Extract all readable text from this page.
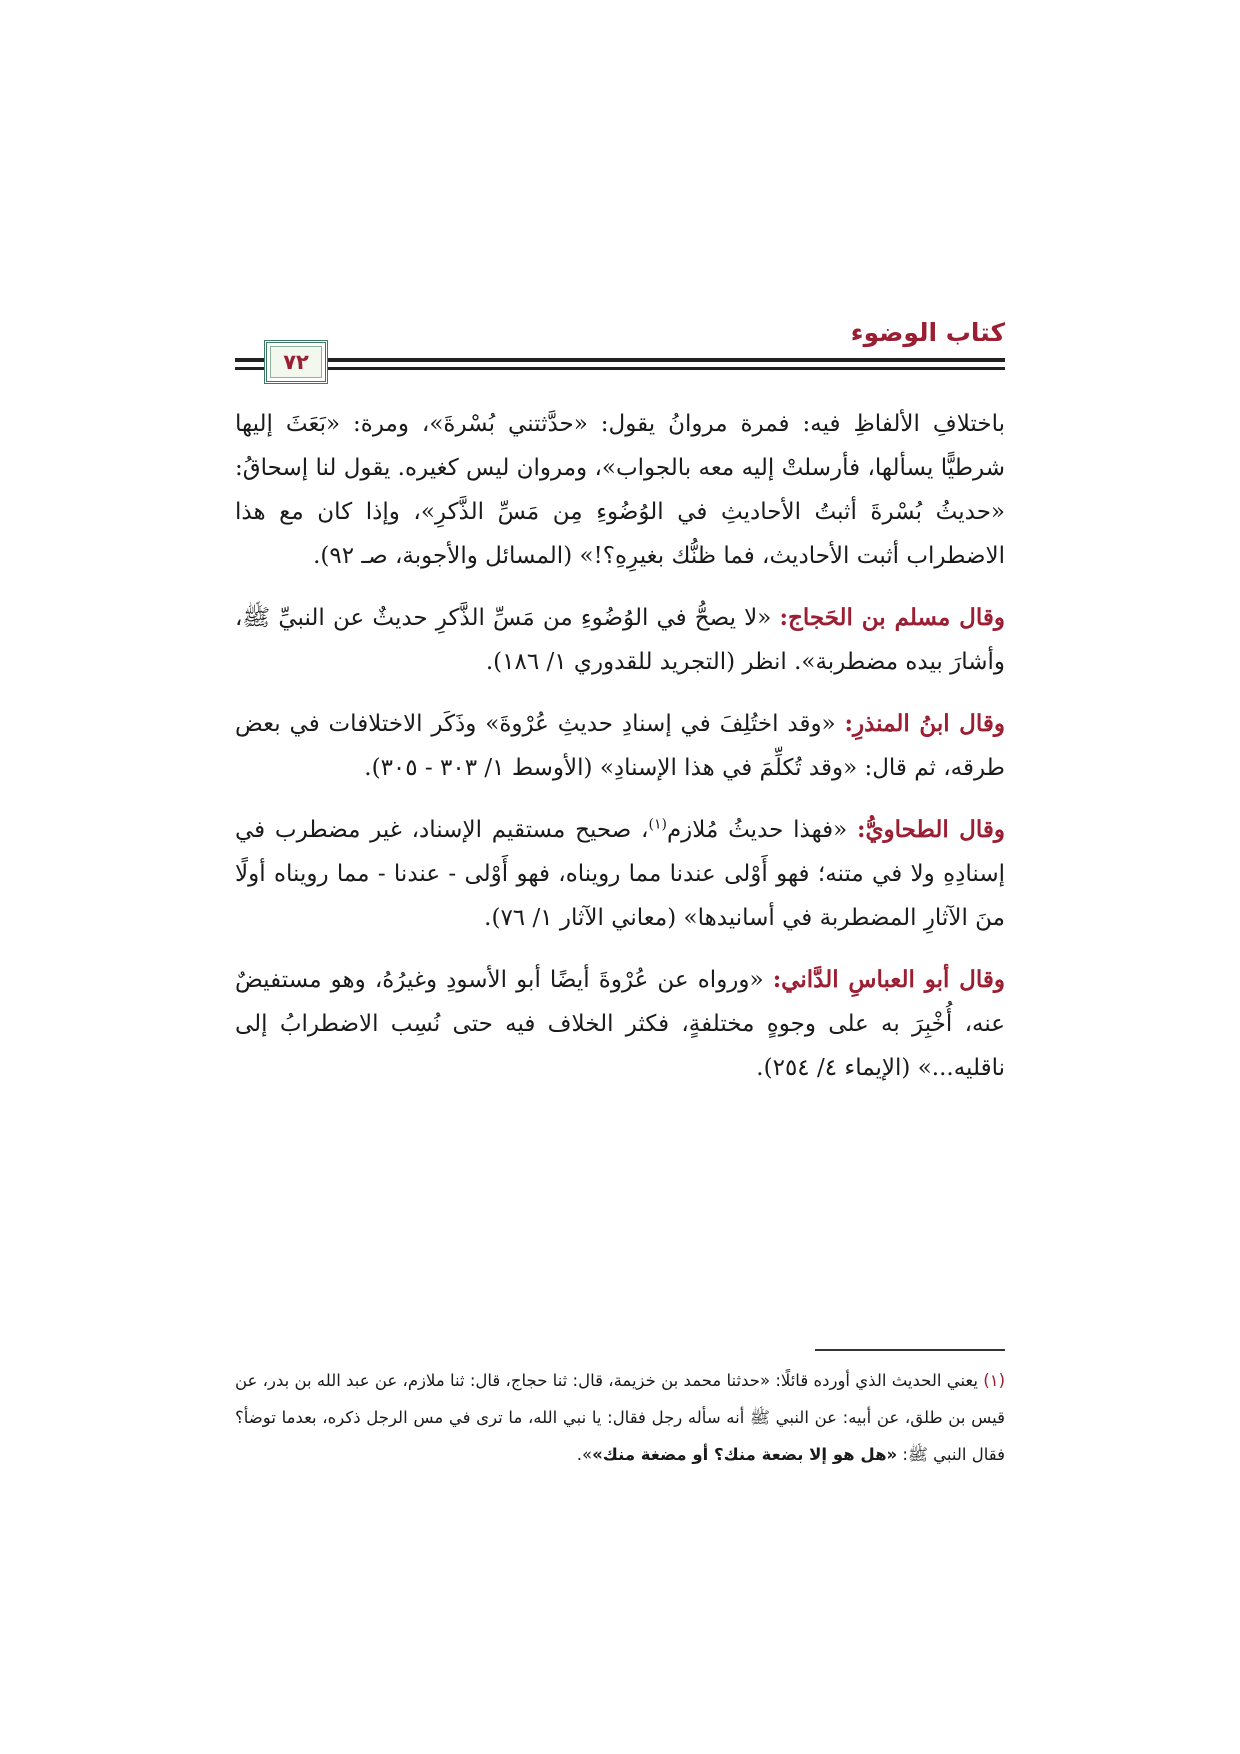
كتاب الوضوء
٧٢

باختلافِ الألفاظِ فيه: فمرة مروانُ يقول: «حدَّثتني بُسْرةَ»، ومرة: «بَعَثَ إليها شرطيًّا يسألها، فأرسلتْ إليه معه بالجواب»، ومروان ليس كغيره. يقول لنا إسحاقُ: «حديثُ بُسْرةَ أثبتُ الأحاديثِ في الوُضُوءِ مِن مَسِّ الذَّكرِ»، وإذا كان مع هذا الاضطراب أثبت الأحاديث، فما ظنُّك بغيرِهِ؟!» (المسائل والأجوبة، صـ ٩٢).

وقال مسلم بن الحَجاج: «لا يصحُّ في الوُضُوءِ من مَسِّ الذَّكرِ حديثٌ عن النبيِّ ﷺ، وأشارَ بيده مضطربة». انظر (التجريد للقدوري ١/ ١٨٦).

وقال ابنُ المنذرِ: «وقد اختُلِفَ في إسنادِ حديثِ عُرْوةَ» وذَكَر الاختلافات في بعض طرقه، ثم قال: «وقد تُكلِّمَ في هذا الإسنادِ» (الأوسط ١/ ٣٠٣ - ٣٠٥).

وقال الطحاويُّ: «فهذا حديثُ مُلازم$^{(١)}$، صحيح مستقيم الإسناد، غير مضطرب في إسنادِهِ ولا في متنه؛ فهو أَوْلى عندنا مما رويناه، فهو أَوْلى - عندنا - مما رويناه أولًا منَ الآثارِ المضطربة في أسانيدها» (معاني الآثار ١/ ٧٦).

وقال أبو العباسِ الدَّاني: «ورواه عن عُرْوةَ أيضًا أبو الأسودِ وغيرُهُ، وهو مستفيضٌ عنه، أُخْبِرَ به على وجوهٍ مختلفةٍ، فكثر الخلاف فيه حتى نُسِب الاضطرابُ إلى ناقليه...» (الإيماء ٤/ ٢٥٤).

(١) يعني الحديث الذي أورده قائلًا: «حدثنا محمد بن خزيمة، قال: ثنا حجاج، قال: ثنا ملازم، عن عبد الله بن بدر، عن قيس بن طلق، عن أبيه: عن النبي ﷺ أنه سأله رجل فقال: يا نبي الله، ما ترى في مس الرجل ذكره، بعدما توضأ؟ فقال النبي ﷺ: «هل هو إلا بضعة منك؟ أو مضغة منك»».
